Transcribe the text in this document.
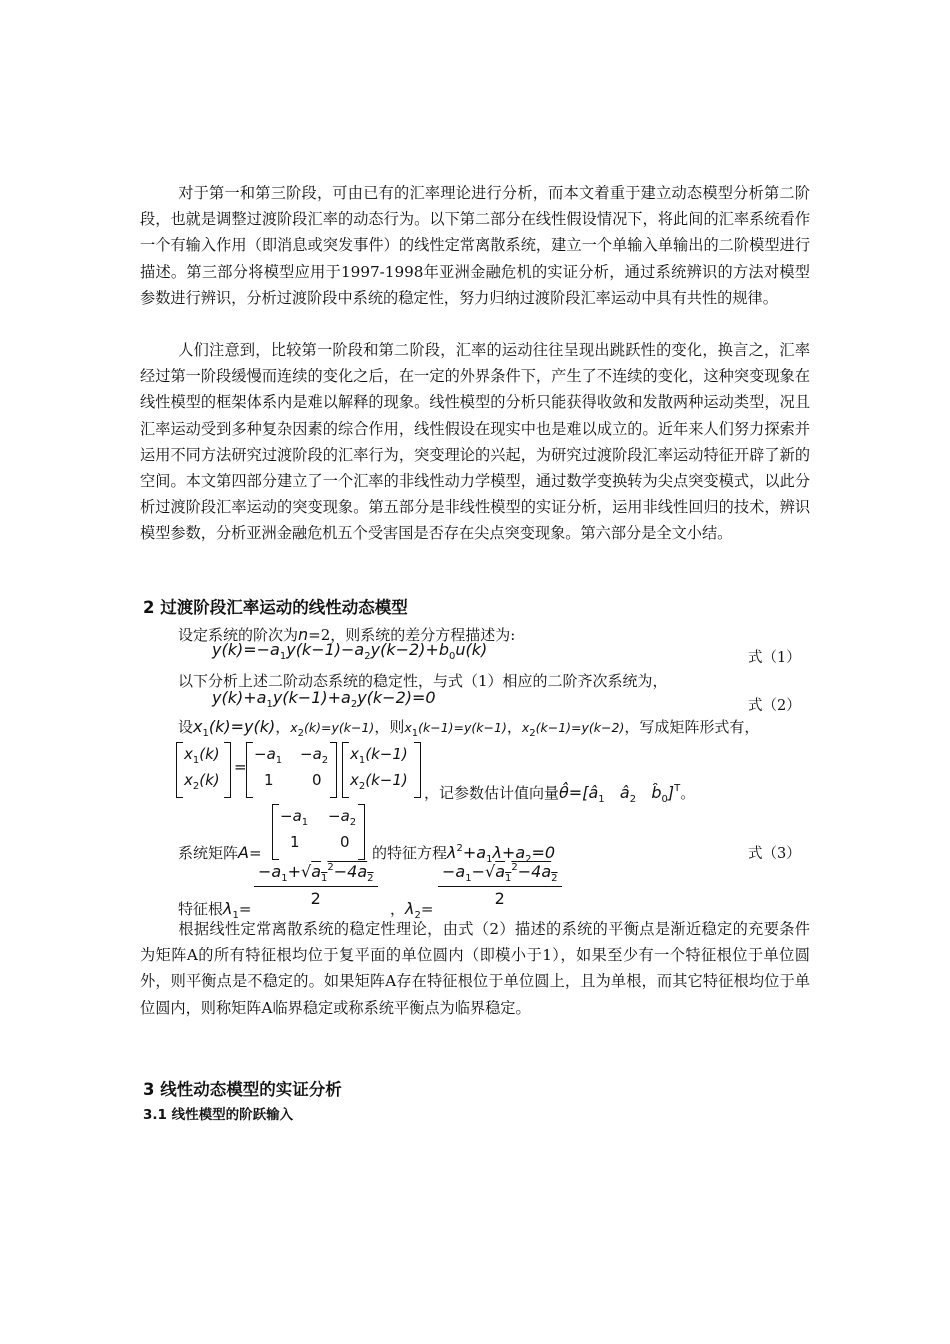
对于第一和第三阶段，可由已有的汇率理论进行分析，而本文着重于建立动态模型分析第二阶段，也就是调整过渡阶段汇率的动态行为。以下第二部分在线性假设情况下，将此间的汇率系统看作一个有输入作用（即消息或突发事件）的线性定常离散系统，建立一个单输入单输出的二阶模型进行描述。第三部分将模型应用于1997-1998年亚洲金融危机的实证分析，通过系统辨识的方法对模型参数进行辨识，分析过渡阶段中系统的稳定性，努力归纳过渡阶段汇率运动中具有共性的规律。

人们注意到，比较第一阶段和第二阶段，汇率的运动往往呈现出跳跃性的变化，换言之，汇率经过第一阶段缓慢而连续的变化之后，在一定的外界条件下，产生了不连续的变化，这种突变现象在线性模型的框架体系内是难以解释的现象。线性模型的分析只能获得收敛和发散两种运动类型，况且汇率运动受到多种复杂因素的综合作用，线性假设在现实中也是难以成立的。近年来人们努力探索并运用不同方法研究过渡阶段的汇率行为，突变理论的兴起，为研究过渡阶段汇率运动特征开辟了新的空间。本文第四部分建立了一个汇率的非线性动力学模型，通过数学变换转为尖点突变模式，以此分析过渡阶段汇率运动的突变现象。第五部分是非线性模型的实证分析，运用非线性回归的技术，辨识模型参数，分析亚洲金融危机五个受害国是否存在尖点突变现象。第六部分是全文小结。

2 过渡阶段汇率运动的线性动态模型
设定系统的阶次为n=2，则系统的差分方程描述为:
$y(k)=-a_1y(k-1)-a_2y(k-2)+b_0u(k)$	式（1）
以下分析上述二阶动态系统的稳定性，与式（1）相应的二阶齐次系统为，
$y(k)+a_1y(k-1)+a_2y(k-2)=0$	式（2）
设$x_1(k)=y(k)$，$x_2(k)=y(k-1)$，则$x_1(k-1)=y(k-1)$，$x_2(k-1)=y(k-2)$，写成矩阵形式有，
$x_1(k)$
$x_2(k)$
=
$-a_1 -a_2$
1	0
$x_1(k-1)$
$x_2(k-1)$
，记参数估计值向量$\thetâ=[â_1$   $â_2$   $b̂_0]^T$。
系统矩阵A=
$-a_1 -a_2$
1	0
的特征方程$\lambda^2+a_1\lambda+a_2=0$	式（3）
特征根$\lambda_1=$
$\frac{-a_1+√a_1^2-4a_2}{2}$
，$\lambda_2=$
$\frac{-a_1-√a_1^2-4a_2}{2}$

根据线性定常离散系统的稳定性理论，由式（2）描述的系统的平衡点是渐近稳定的充要条件为矩阵A的所有特征根均位于复平面的单位圆内（即模小于1），如果至少有一个特征根位于单位圆外，则平衡点是不稳定的。如果矩阵A存在特征根位于单位圆上，且为单根，而其它特征根均位于单位圆内，则称矩阵A临界稳定或称系统平衡点为临界稳定。

3 线性动态模型的实证分析
3.1 线性模型的阶跃输入
